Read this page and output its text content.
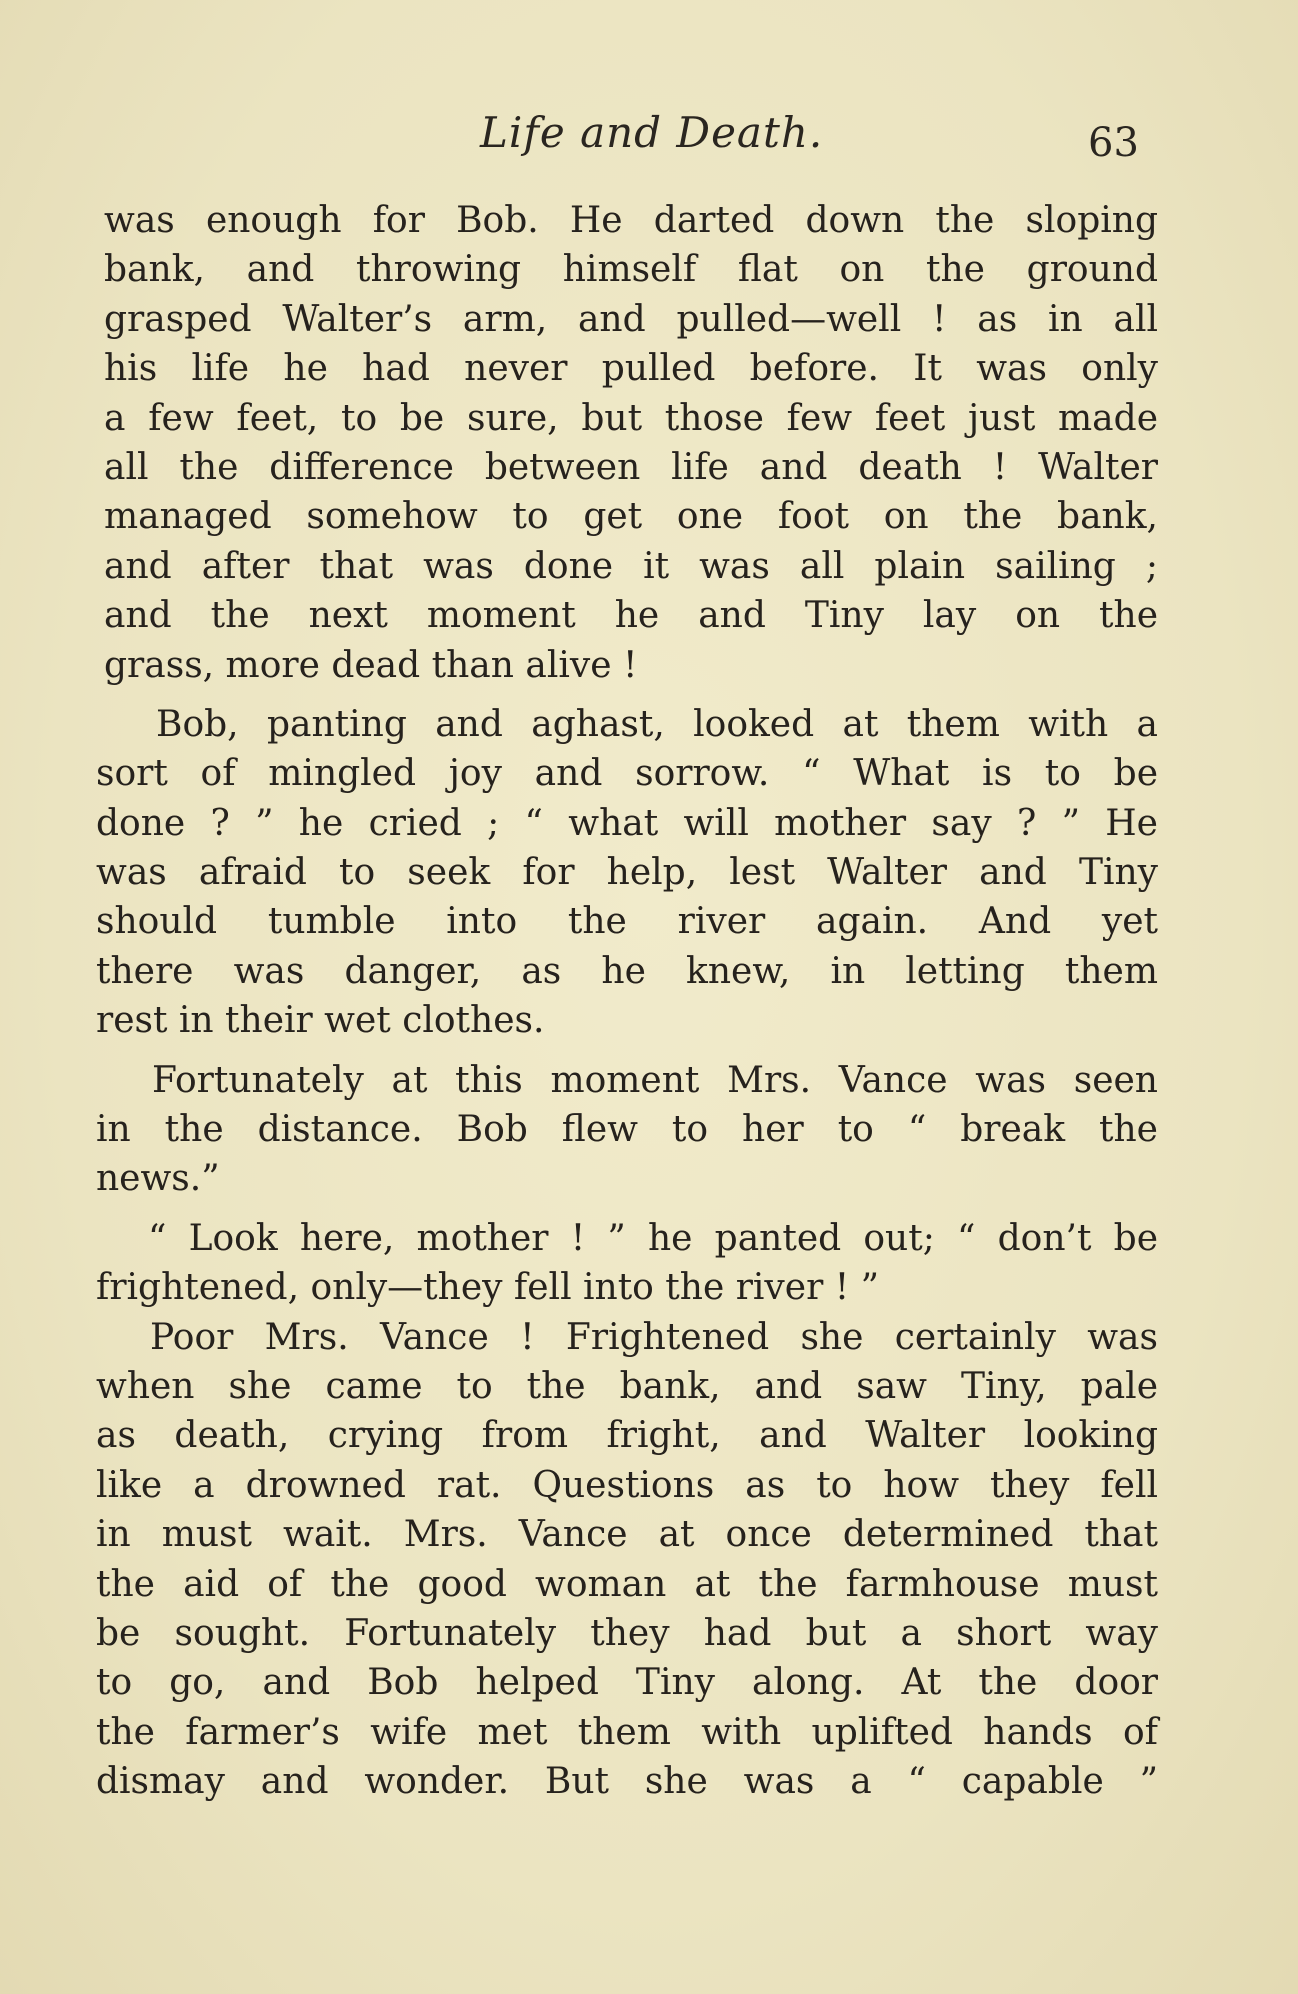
Life and Death.	63
was enough for Bob. He darted down the sloping
bank, and throwing himself flat on the ground
grasped Walter’s arm, and pulled—well ! as in all
his life he had never pulled before. It was only
a few feet, to be sure, but those few feet just made
all the difference between life and death ! Walter
managed somehow to get one foot on the bank,
and after that was done it was all plain sailing ;
and the next moment he and Tiny lay on the
grass, more dead than alive !
Bob, panting and aghast, looked at them with a
sort of mingled joy and sorrow. “ What is to be
done ? ” he cried ; “ what will mother say ? ” He
was afraid to seek for help, lest Walter and Tiny
should tumble into the river again. And yet
there was danger, as he knew, in letting them
rest in their wet clothes.
Fortunately at this moment Mrs. Vance was seen
in the distance. Bob flew to her to “ break the
news.”
“ Look here, mother ! ” he panted out; “ don’t be
frightened, only—they fell into the river ! ”
Poor Mrs. Vance ! Frightened she certainly was
when she came to the bank, and saw Tiny, pale
as death, crying from fright, and Walter looking
like a drowned rat. Questions as to how they fell
in must wait. Mrs. Vance at once determined that
the aid of the good woman at the farmhouse must
be sought. Fortunately they had but a short way
to go, and Bob helped Tiny along. At the door
the farmer’s wife met them with uplifted hands of
dismay and wonder. But she was a “ capable ”
